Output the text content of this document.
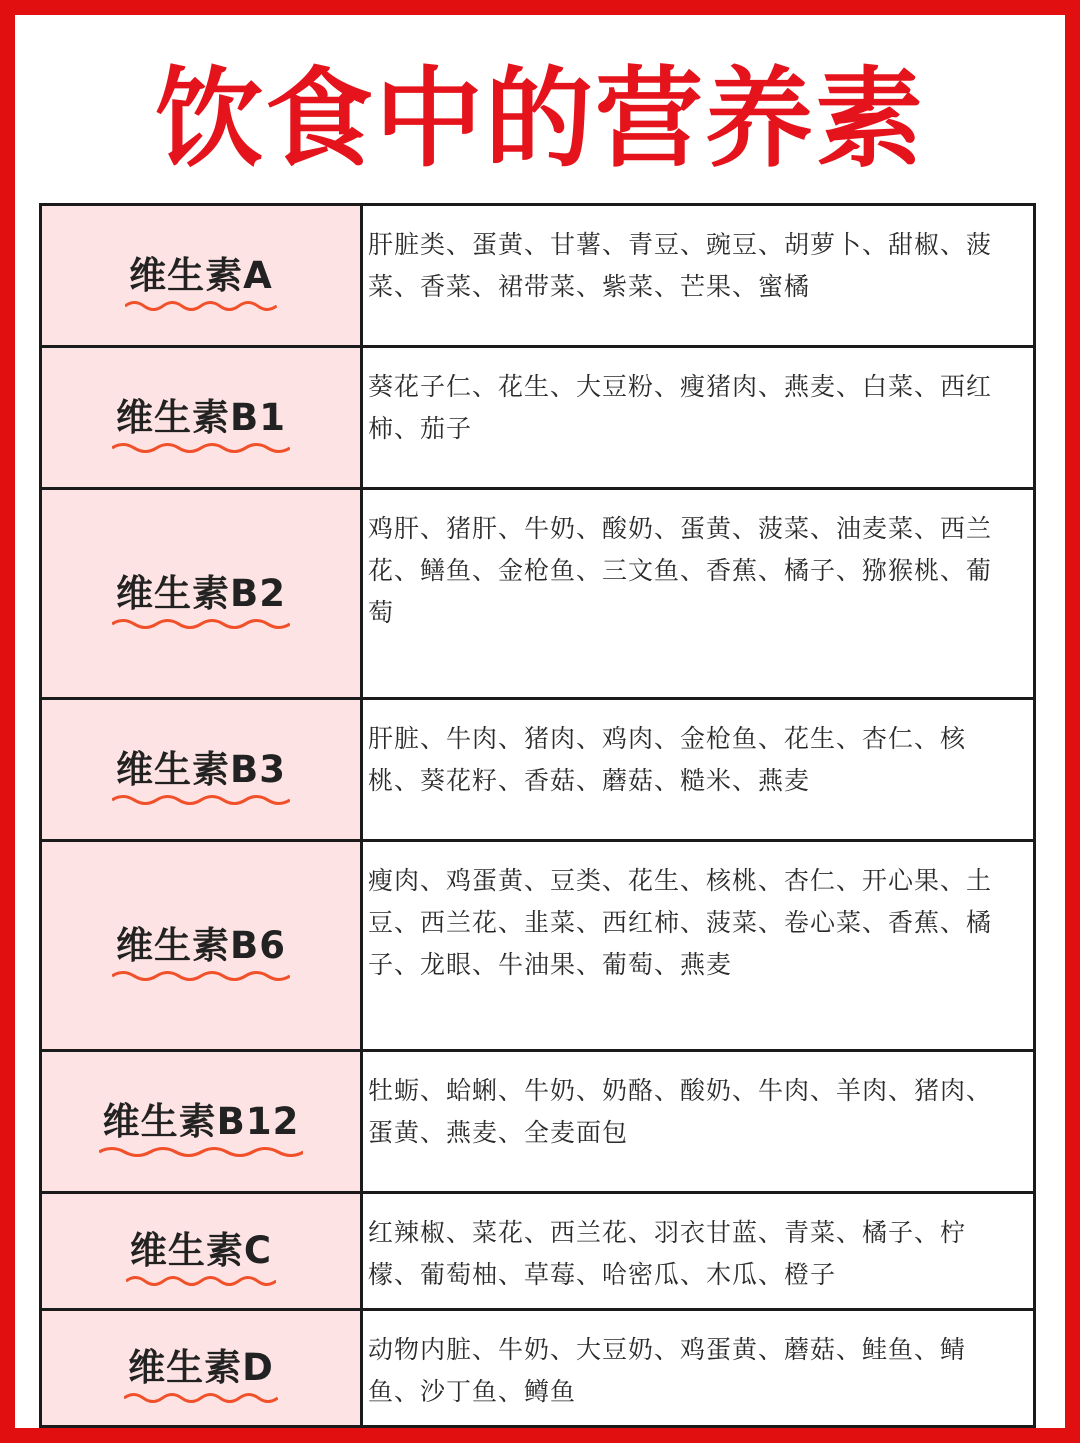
饮食中的营养素
维生素A	肝脏类、蛋黄、甘薯、青豆、豌豆、胡萝卜、甜椒、菠菜、香菜、裙带菜、紫菜、芒果、蜜橘
维生素B1	葵花子仁、花生、大豆粉、瘦猪肉、燕麦、白菜、西红柿、茄子
维生素B2	鸡肝、猪肝、牛奶、酸奶、蛋黄、菠菜、油麦菜、西兰花、鳝鱼、金枪鱼、三文鱼、香蕉、橘子、猕猴桃、葡萄
维生素B3	肝脏、牛肉、猪肉、鸡肉、金枪鱼、花生、杏仁、核桃、葵花籽、香菇、蘑菇、糙米、燕麦
维生素B6	瘦肉、鸡蛋黄、豆类、花生、核桃、杏仁、开心果、土豆、西兰花、韭菜、西红柿、菠菜、卷心菜、香蕉、橘子、龙眼、牛油果、葡萄、燕麦
维生素B12	牡蛎、蛤蜊、牛奶、奶酪、酸奶、牛肉、羊肉、猪肉、蛋黄、燕麦、全麦面包
维生素C	红辣椒、菜花、西兰花、羽衣甘蓝、青菜、橘子、柠檬、葡萄柚、草莓、哈密瓜、木瓜、橙子
维生素D	动物内脏、牛奶、大豆奶、鸡蛋黄、蘑菇、鲑鱼、鲭鱼、沙丁鱼、鳟鱼
